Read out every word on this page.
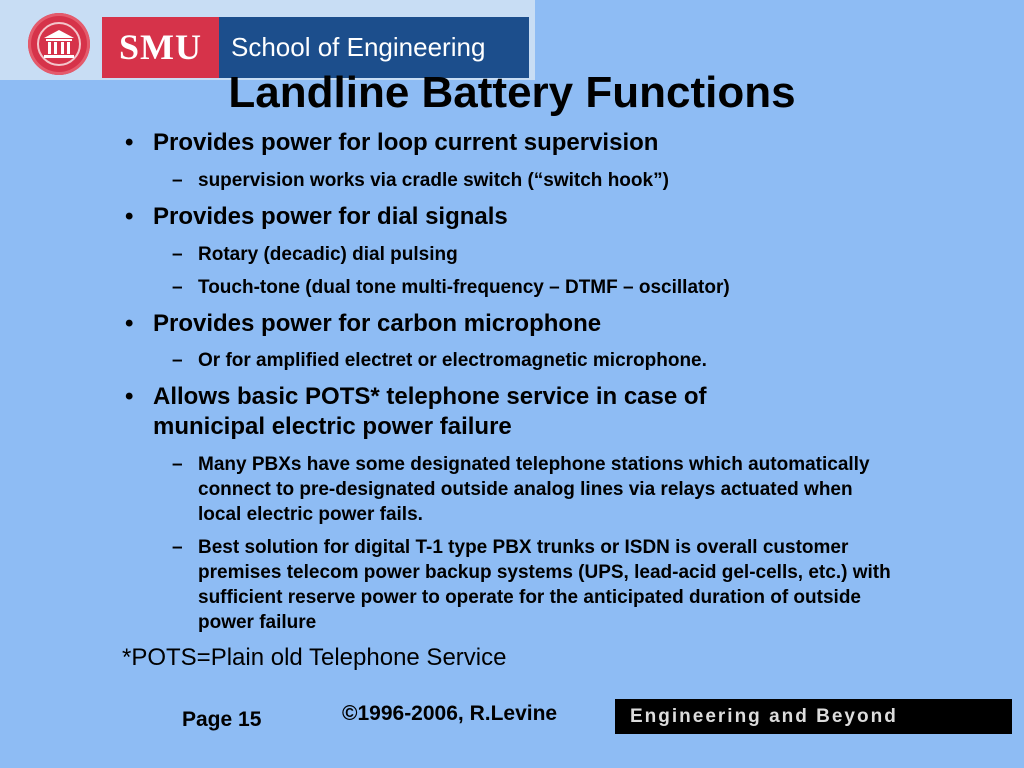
SMU	School of Engineering
Landline Battery Functions
• Provides power for loop current supervision
– supervision works via cradle switch (“switch hook”)
• Provides power for dial signals
– Rotary (decadic) dial pulsing
– Touch-tone (dual tone multi-frequency – DTMF – oscillator)
• Provides power for carbon microphone
– Or for amplified electret or electromagnetic microphone.
• Allows basic POTS* telephone service in case of municipal electric power failure
– Many PBXs have some designated telephone stations which automatically connect to pre-designated outside analog lines via relays actuated when local electric power fails.
– Best solution for digital T-1 type PBX trunks or ISDN is overall customer premises telecom power backup systems (UPS, lead-acid gel-cells, etc.) with sufficient reserve power to operate for the anticipated duration of outside power failure
*POTS=Plain old Telephone Service
Page 15	©1996-2006, R.Levine	Engineering and Beyond
